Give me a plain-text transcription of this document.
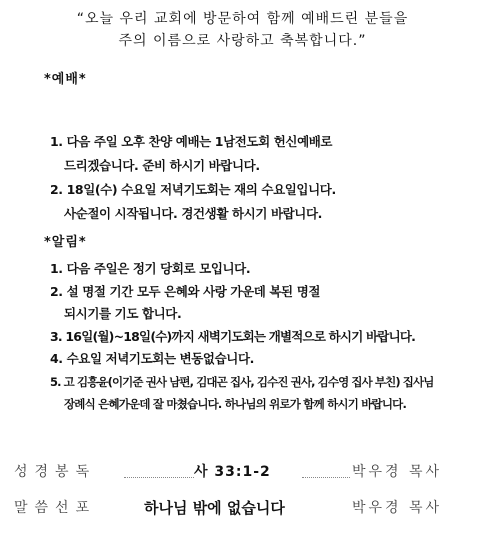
“오늘 우리 교회에 방문하여 함께 예배드린 분들을
주의 이름으로 사랑하고 축복합니다.”
*예배*
1. 다음 주일 오후 찬양 예배는 1남전도회 헌신예배로
드리겠습니다. 준비 하시기 바랍니다.
2. 18일(수) 수요일 저녁기도회는 재의 수요일입니다.
사순절이 시작됩니다. 경건생활 하시기 바랍니다.
*알림*
1. 다음 주일은 정기 당회로 모입니다.
2. 설 명절 기간 모두 은혜와 사랑 가운데 복된 명절
되시기를 기도 합니다.
3. 16일(월)~18일(수)까지 새벽기도회는 개별적으로 하시기 바랍니다.
4. 수요일 저녁기도회는 변동없습니다.
5. 고 김흥윤(이기준 권사 남편, 김대곤 집사, 김수진 권사, 김수영 집사 부친) 집사님
장례식 은혜가운데 잘 마쳤습니다. 하나님의 위로가 함께 하시기 바랍니다.
성경봉독	사 33:1-2	박우경 목사
말씀선포	하나님 밖에 없습니다	박우경 목사
